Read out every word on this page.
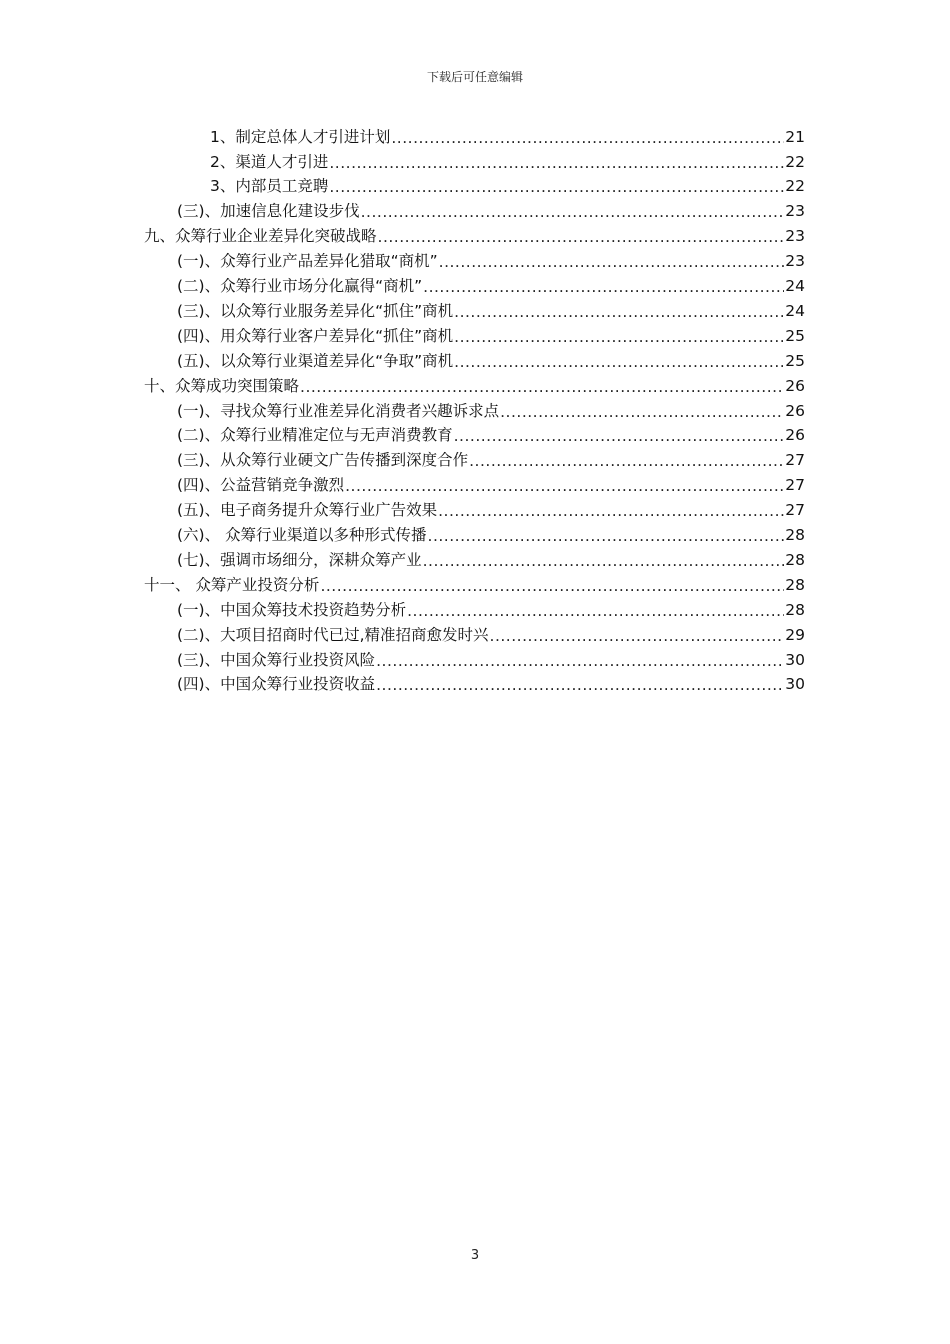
下载后可任意编辑
1、制定总体人才引进计划 .....	21
2、渠道人才引进 .....	22
3、内部员工竞聘 .....	22
(三)、加速信息化建设步伐 .....	23
九、众筹行业企业差异化突破战略 .....	23
(一)、众筹行业产品差异化猎取“商机” .....	23
(二)、众筹行业市场分化赢得“商机” .....	24
(三)、以众筹行业服务差异化“抓住”商机 .....	24
(四)、用众筹行业客户差异化“抓住”商机 .....	25
(五)、以众筹行业渠道差异化“争取”商机 .....	25
十、众筹成功突围策略 .....	26
(一)、寻找众筹行业准差异化消费者兴趣诉求点 .....	26
(二)、众筹行业精准定位与无声消费教育 .....	26
(三)、从众筹行业硬文广告传播到深度合作 .....	27
(四)、公益营销竞争激烈 .....	27
(五)、电子商务提升众筹行业广告效果 .....	27
(六)、 众筹行业渠道以多种形式传播 .....	28
(七)、强调市场细分，深耕众筹产业 .....	28
十一、 众筹产业投资分析 .....	28
(一)、中国众筹技术投资趋势分析 .....	28
(二)、大项目招商时代已过,精准招商愈发时兴 .....	29
(三)、中国众筹行业投资风险 .....	30
(四)、中国众筹行业投资收益 .....	30
3
